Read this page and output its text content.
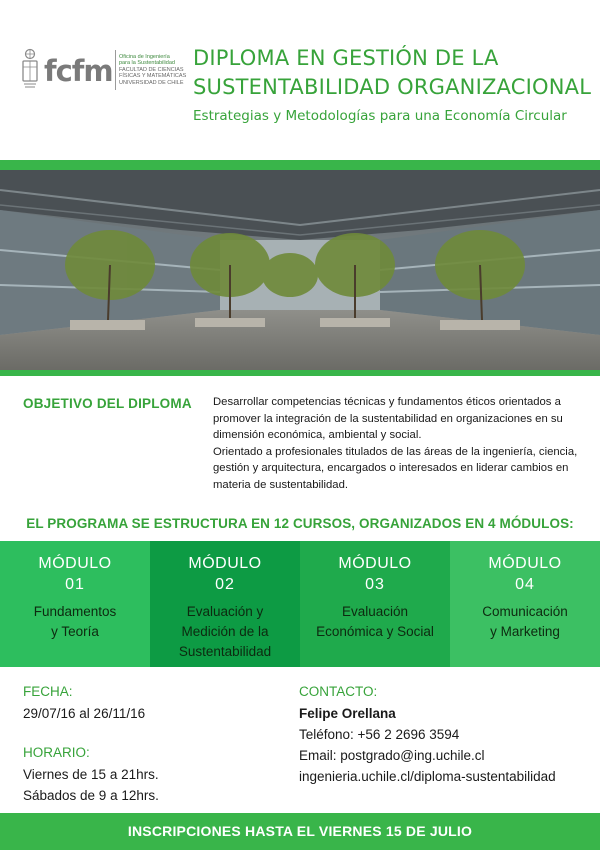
fcfm Oficina de Ingeniería
para la Sustentabilidad
FACULTAD DE CIENCIAS
FÍSICAS Y MATEMÁTICAS
UNIVERSIDAD DE CHILE
DIPLOMA EN GESTIÓN DE LA
SUSTENTABILIDAD ORGANIZACIONAL
Estrategias y Metodologías para una Economía Circular
OBJETIVO DEL DIPLOMA Desarrollar competencias técnicas y fundamentos éticos orientados a promover la integración de la sustentabilidad en organizaciones en su dimensión económica, ambiental y social.
Orientado a profesionales titulados de las áreas de la ingeniería, ciencia, gestión y arquitectura, encargados o interesados en liderar cambios en materia de sustentabilidad.
EL PROGRAMA SE ESTRUCTURA EN 12 CURSOS, ORGANIZADOS EN 4 MÓDULOS:
MÓDULO
01
Fundamentos
y Teoría
MÓDULO
02
Evaluación y
Medición de la
Sustentabilidad
MÓDULO
03
Evaluación
Económica y Social
MÓDULO
04
Comunicación
y Marketing
FECHA:
29/07/16 al 26/11/16
HORARIO:
Viernes de 15 a 21hrs.
Sábados de 9 a 12hrs.
CONTACTO:
Felipe Orellana
Teléfono: +56 2 2696 3594
Email: postgrado@ing.uchile.cl
ingenieria.uchile.cl/diploma-sustentabilidad
INSCRIPCIONES HASTA EL VIERNES 15 DE JULIO
